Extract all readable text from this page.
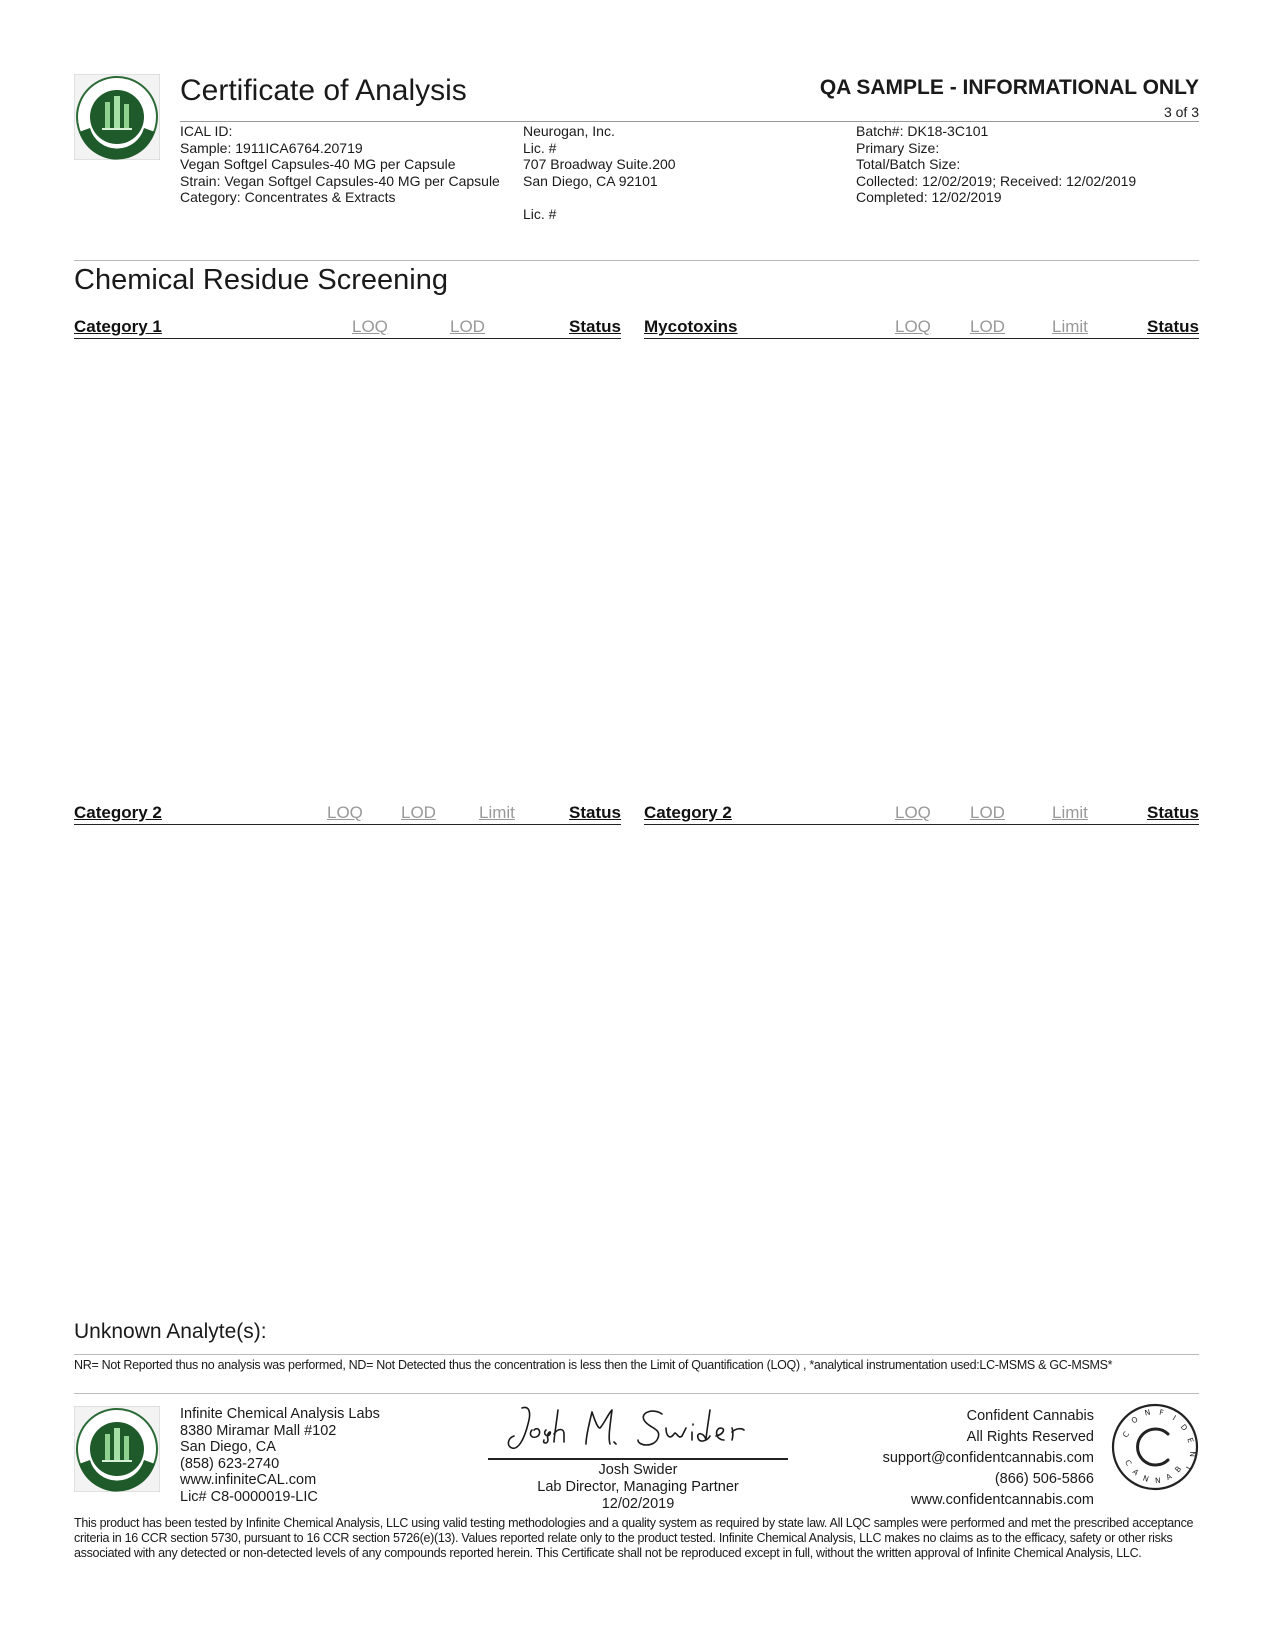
Certificate of Analysis	QA SAMPLE - INFORMATIONAL ONLY
3 of 3
ICAL ID:
Sample: 1911ICA6764.20719
Vegan Softgel Capsules-40 MG per Capsule
Strain: Vegan Softgel Capsules-40 MG per Capsule
Category: Concentrates & Extracts
Neurogan, Inc.
Lic. #
707 Broadway Suite.200
San Diego, CA 92101
Lic. #
Batch#: DK18-3C101
Primary Size:
Total/Batch Size:
Collected: 12/02/2019; Received: 12/02/2019
Completed: 12/02/2019
Chemical Residue Screening
Category 1	LOQ	LOD	Status Mycotoxins	LOQ LOD	Limit	Status
Category 2	LOQ LOD	Limit	Status Category 2	LOQ LOD	Limit	Status
Unknown Analyte(s):
NR= Not Reported thus no analysis was performed, ND= Not Detected thus the concentration is less then the Limit of Quantification (LOQ) , *analytical instrumentation used:LC-MSMS & GC-MSMS*
Infinite Chemical Analysis Labs
8380 Miramar Mall #102
San Diego, CA
(858) 623-2740
www.infiniteCAL.com
Lic# C8-0000019-LIC
Josh Swider
Lab Director, Managing Partner
12/02/2019
Confident Cannabis
All Rights Reserved
support@confidentcannabis.com
(866) 506-5866
www.confidentcannabis.com
C
O
N F
I
D
E
N
T
C
A
N N A
B
This product has been tested by Infinite Chemical Analysis, LLC using valid testing methodologies and a quality system as required by state law. All LQC samples were performed and met the prescribed acceptance criteria in 16 CCR section 5730, pursuant to 16 CCR section 5726(e)(13). Values reported relate only to the product tested. Infinite Chemical Analysis, LLC makes no claims as to the efficacy, safety or other risks associated with any detected or non-detected levels of any compounds reported herein. This Certificate shall not be reproduced except in full, without the written approval of Infinite Chemical Analysis, LLC.
